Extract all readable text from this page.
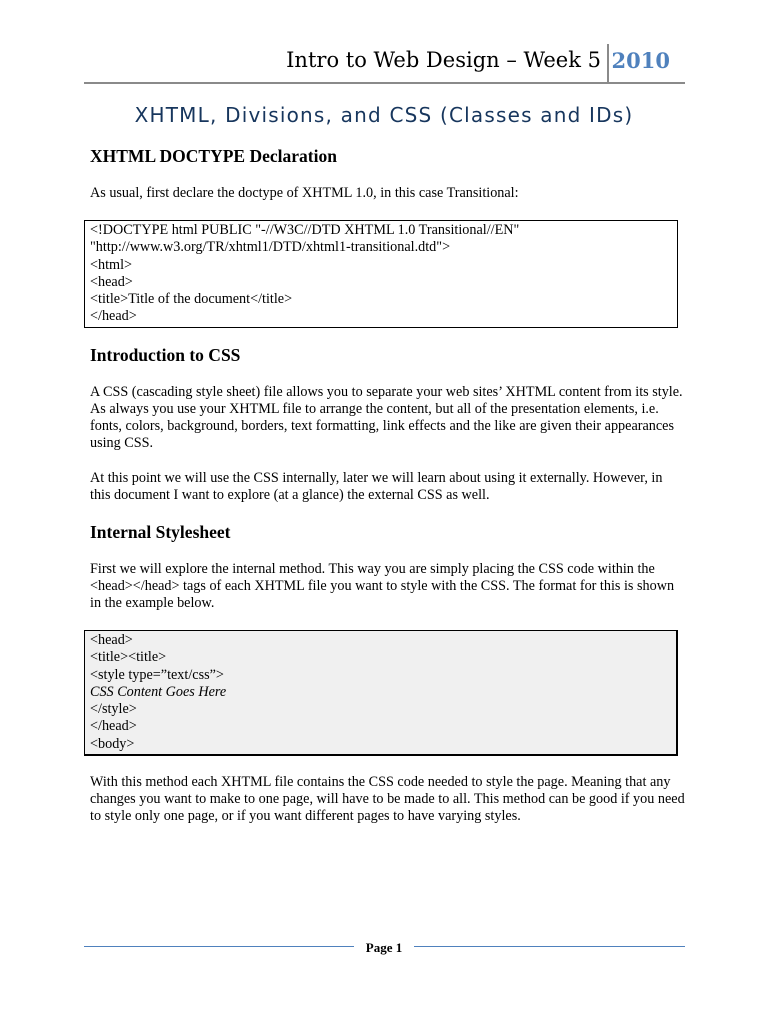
Intro to Web Design – Week 5 2010
XHTML, Divisions, and CSS (Classes and IDs)
XHTML DOCTYPE Declaration

As usual, first declare the doctype of XHTML 1.0, in this case Transitional:

<!DOCTYPE html PUBLIC "-//W3C//DTD XHTML 1.0 Transitional//EN"
"http://www.w3.org/TR/xhtml1/DTD/xhtml1-transitional.dtd">
<html>
<head>
<title>Title of the document</title>
</head>
Introduction to CSS

A CSS (cascading style sheet) file allows you to separate your web sites’ XHTML content from its style. As always you use your XHTML file to arrange the content, but all of the presentation elements, i.e. fonts, colors, background, borders, text formatting, link effects and the like are given their appearances using CSS.

At this point we will use the CSS internally, later we will learn about using it externally. However, in this document I want to explore (at a glance) the external CSS as well.

Internal Stylesheet

First we will explore the internal method. This way you are simply placing the CSS code within the <head></head> tags of each XHTML file you want to style with the CSS. The format for this is shown in the example below.

<head>
<title><title>
<style type=”text/css”>
CSS Content Goes Here
</style>
</head>
<body>

With this method each XHTML file contains the CSS code needed to style the page. Meaning that any changes you want to make to one page, will have to be made to all. This method can be good if you need to style only one page, or if you want different pages to have varying styles.

Page 1
